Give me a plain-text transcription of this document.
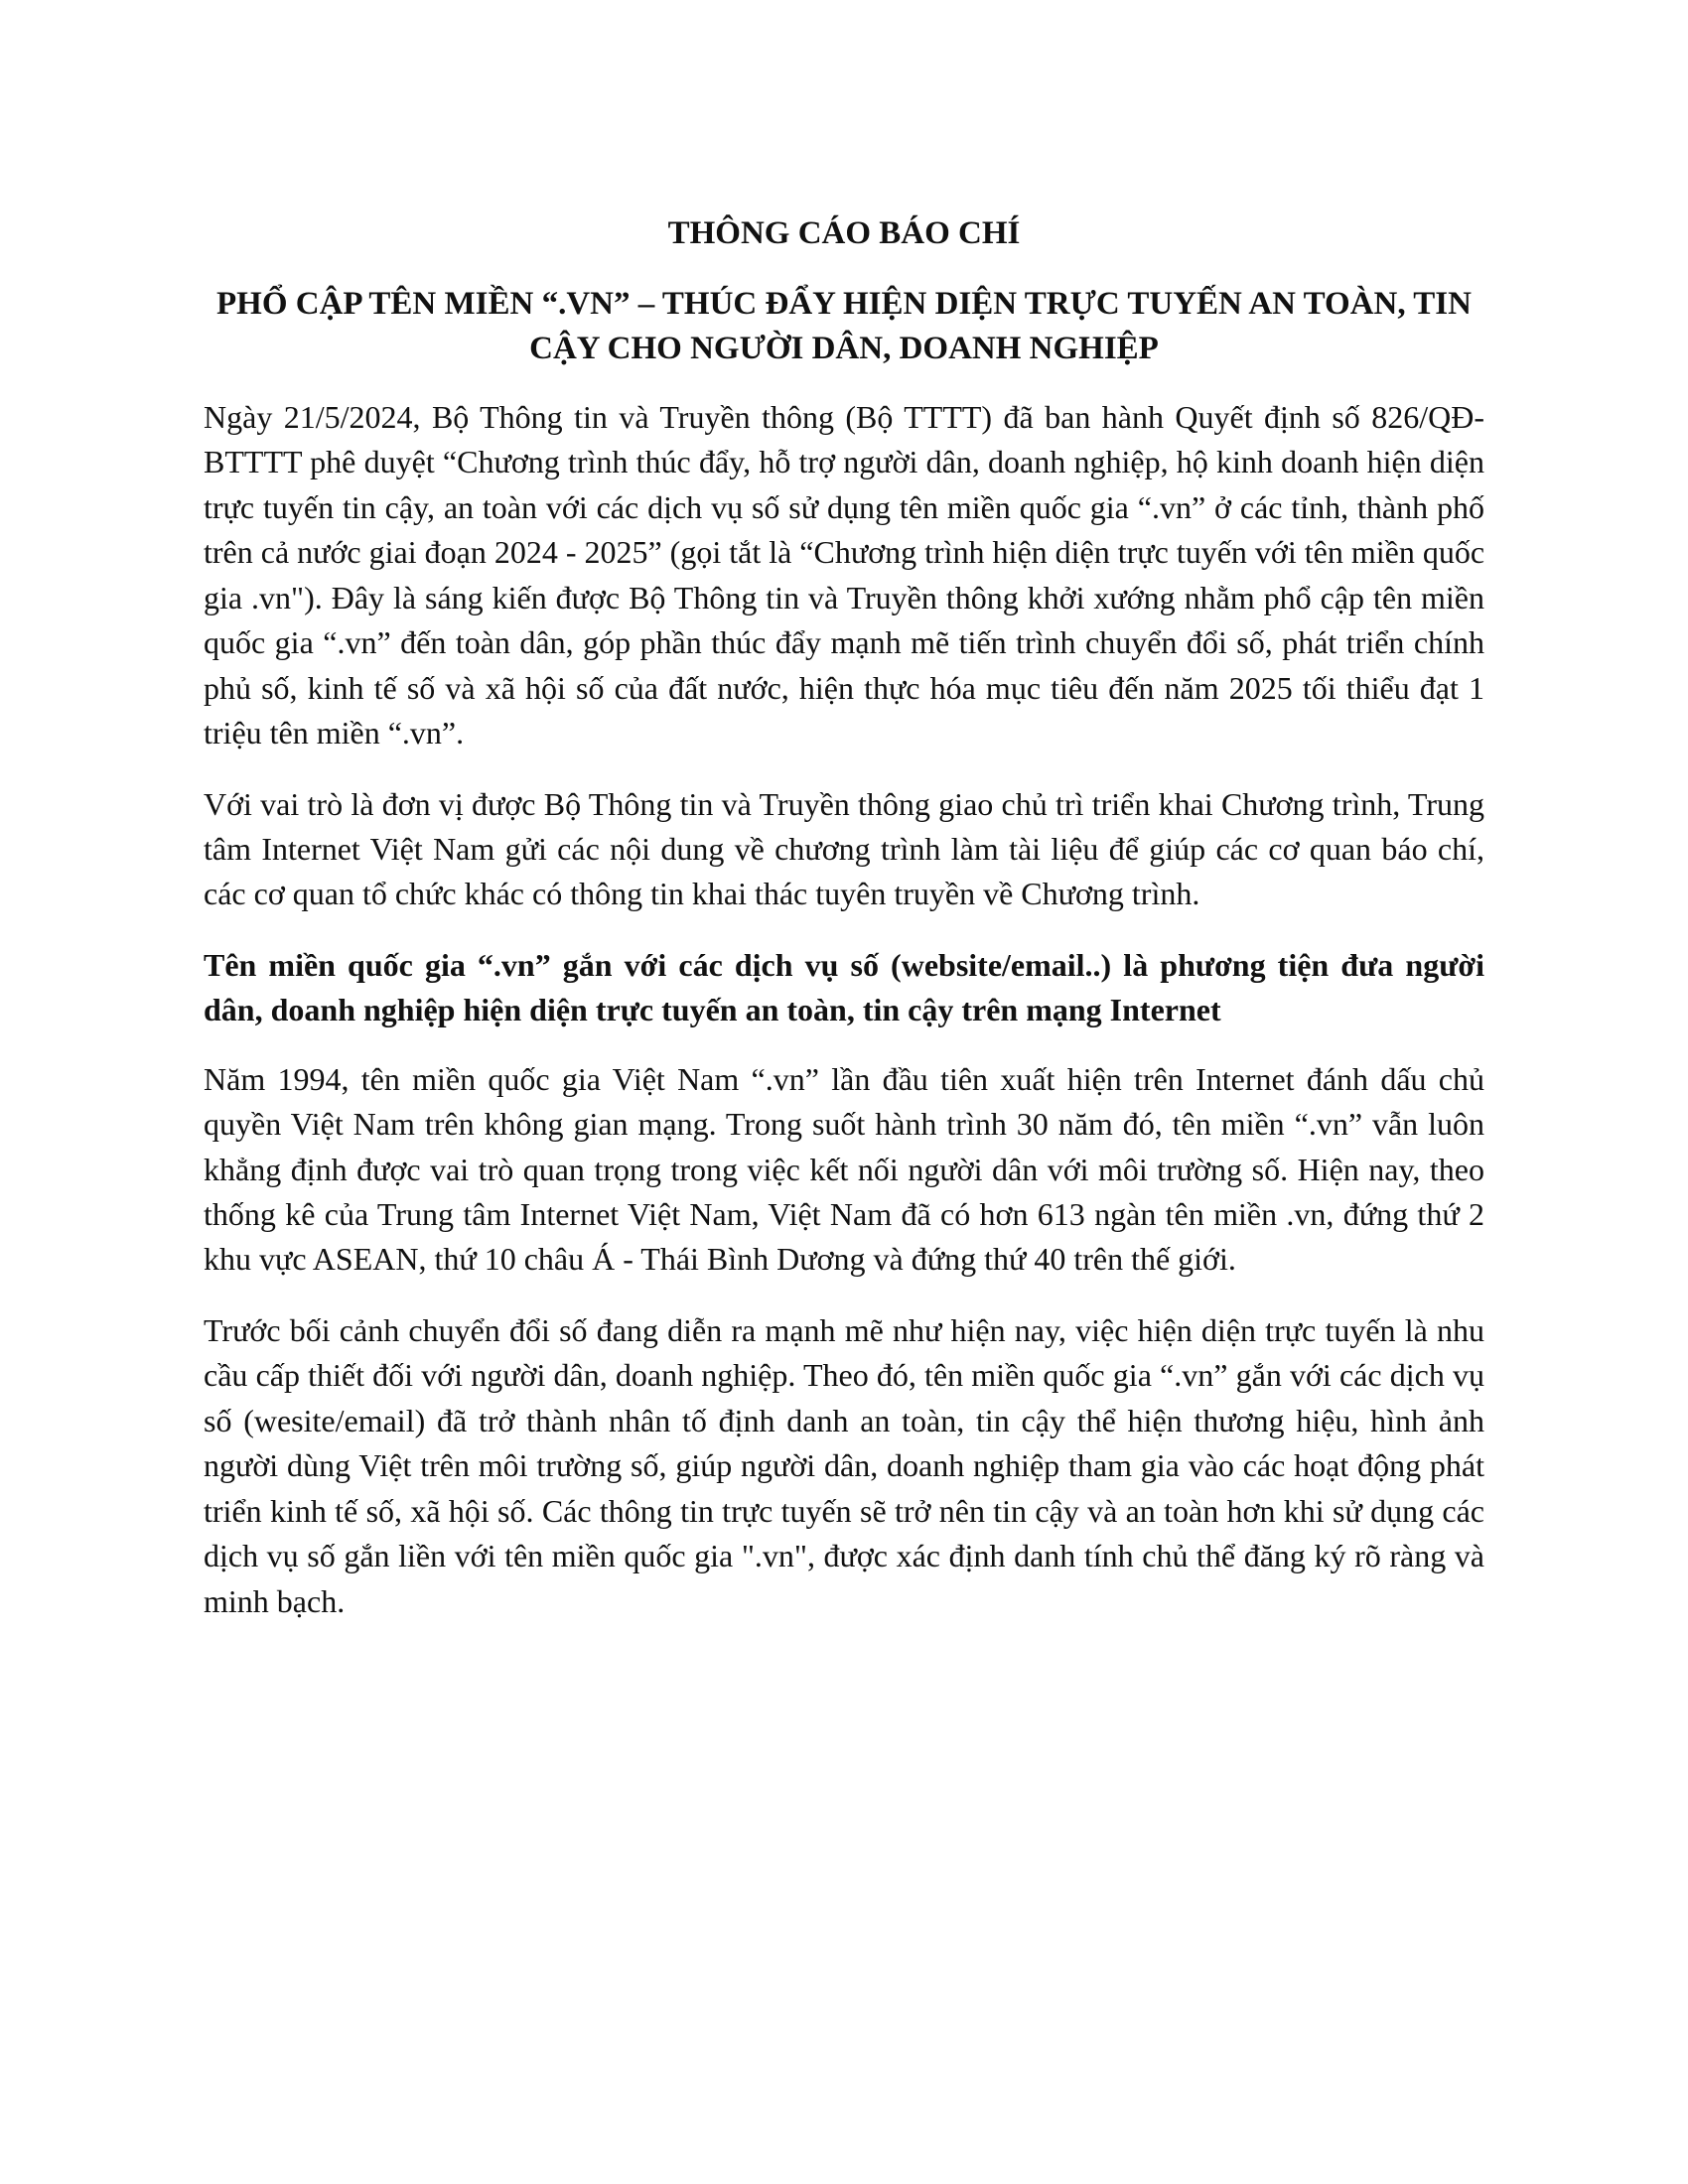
THÔNG CÁO BÁO CHÍ
PHỔ CẬP TÊN MIỀN “.VN” – THÚC ĐẨY HIỆN DIỆN TRỰC TUYẾN AN TOÀN, TIN CẬY CHO NGƯỜI DÂN, DOANH NGHIỆP

Ngày 21/5/2024, Bộ Thông tin và Truyền thông (Bộ TTTT) đã ban hành Quyết định số 826/QĐ-BTTTT phê duyệt “Chương trình thúc đẩy, hỗ trợ người dân, doanh nghiệp, hộ kinh doanh hiện diện trực tuyến tin cậy, an toàn với các dịch vụ số sử dụng tên miền quốc gia “.vn” ở các tỉnh, thành phố trên cả nước giai đoạn 2024 - 2025” (gọi tắt là “Chương trình hiện diện trực tuyến với tên miền quốc gia .vn"). Đây là sáng kiến được Bộ Thông tin và Truyền thông khởi xướng nhằm phổ cập tên miền quốc gia “.vn” đến toàn dân, góp phần thúc đẩy mạnh mẽ tiến trình chuyển đổi số, phát triển chính phủ số, kinh tế số và xã hội số của đất nước, hiện thực hóa mục tiêu đến năm 2025 tối thiểu đạt 1 triệu tên miền “.vn”.

Với vai trò là đơn vị được Bộ Thông tin và Truyền thông giao chủ trì triển khai Chương trình, Trung tâm Internet Việt Nam gửi các nội dung về chương trình làm tài liệu để giúp các cơ quan báo chí, các cơ quan tổ chức khác có thông tin khai thác tuyên truyền về Chương trình.

Tên miền quốc gia “.vn” gắn với các dịch vụ số (website/email..) là phương tiện đưa người dân, doanh nghiệp hiện diện trực tuyến an toàn, tin cậy trên mạng Internet

Năm 1994, tên miền quốc gia Việt Nam “.vn” lần đầu tiên xuất hiện trên Internet đánh dấu chủ quyền Việt Nam trên không gian mạng. Trong suốt hành trình 30 năm đó, tên miền “.vn” vẫn luôn khẳng định được vai trò quan trọng trong việc kết nối người dân với môi trường số. Hiện nay, theo thống kê của Trung tâm Internet Việt Nam, Việt Nam đã có hơn 613 ngàn tên miền .vn, đứng thứ 2 khu vực ASEAN, thứ 10 châu Á - Thái Bình Dương và đứng thứ 40 trên thế giới.

Trước bối cảnh chuyển đổi số đang diễn ra mạnh mẽ như hiện nay, việc hiện diện trực tuyến là nhu cầu cấp thiết đối với người dân, doanh nghiệp. Theo đó, tên miền quốc gia “.vn” gắn với các dịch vụ số (wesite/email) đã trở thành nhân tố định danh an toàn, tin cậy thể hiện thương hiệu, hình ảnh người dùng Việt trên môi trường số, giúp người dân, doanh nghiệp tham gia vào các hoạt động phát triển kinh tế số, xã hội số. Các thông tin trực tuyến sẽ trở nên tin cậy và an toàn hơn khi sử dụng các dịch vụ số gắn liền với tên miền quốc gia ".vn", được xác định danh tính chủ thể đăng ký rõ ràng và minh bạch.
